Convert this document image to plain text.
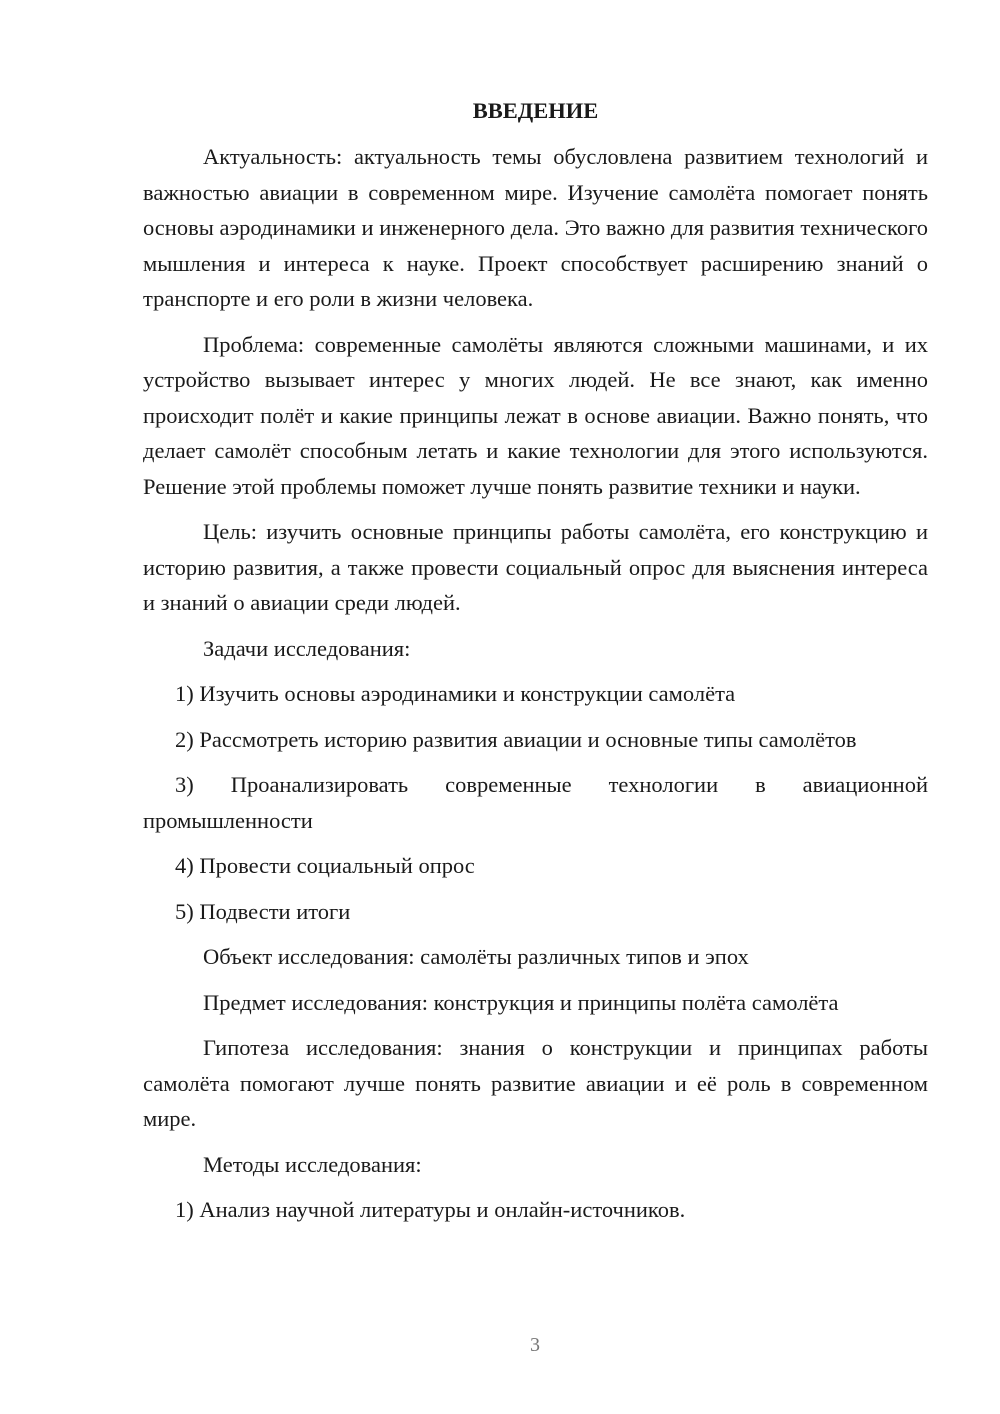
ВВЕДЕНИЕ

Актуальность: актуальность темы обусловлена развитием технологий и важностью авиации в современном мире. Изучение самолёта помогает понять основы аэродинамики и инженерного дела. Это важно для развития технического мышления и интереса к науке. Проект способствует расширению знаний о транспорте и его роли в жизни человека.

Проблема: современные самолёты являются сложными машинами, и их устройство вызывает интерес у многих людей. Не все знают, как именно происходит полёт и какие принципы лежат в основе авиации. Важно понять, что делает самолёт способным летать и какие технологии для этого используются. Решение этой проблемы поможет лучше понять развитие техники и науки.

Цель: изучить основные принципы работы самолёта, его конструкцию и историю развития, а также провести социальный опрос для выяснения интереса и знаний о авиации среди людей.

Задачи исследования:

1) Изучить основы аэродинамики и конструкции самолёта

2) Рассмотреть историю развития авиации и основные типы самолётов

3) Проанализировать современные технологии в авиационной промышленности

4) Провести социальный опрос

5) Подвести итоги

Объект исследования: самолёты различных типов и эпох

Предмет исследования: конструкция и принципы полёта самолёта

Гипотеза исследования: знания о конструкции и принципах работы самолёта помогают лучше понять развитие авиации и её роль в современном мире.

Методы исследования:

1) Анализ научной литературы и онлайн-источников.

3
